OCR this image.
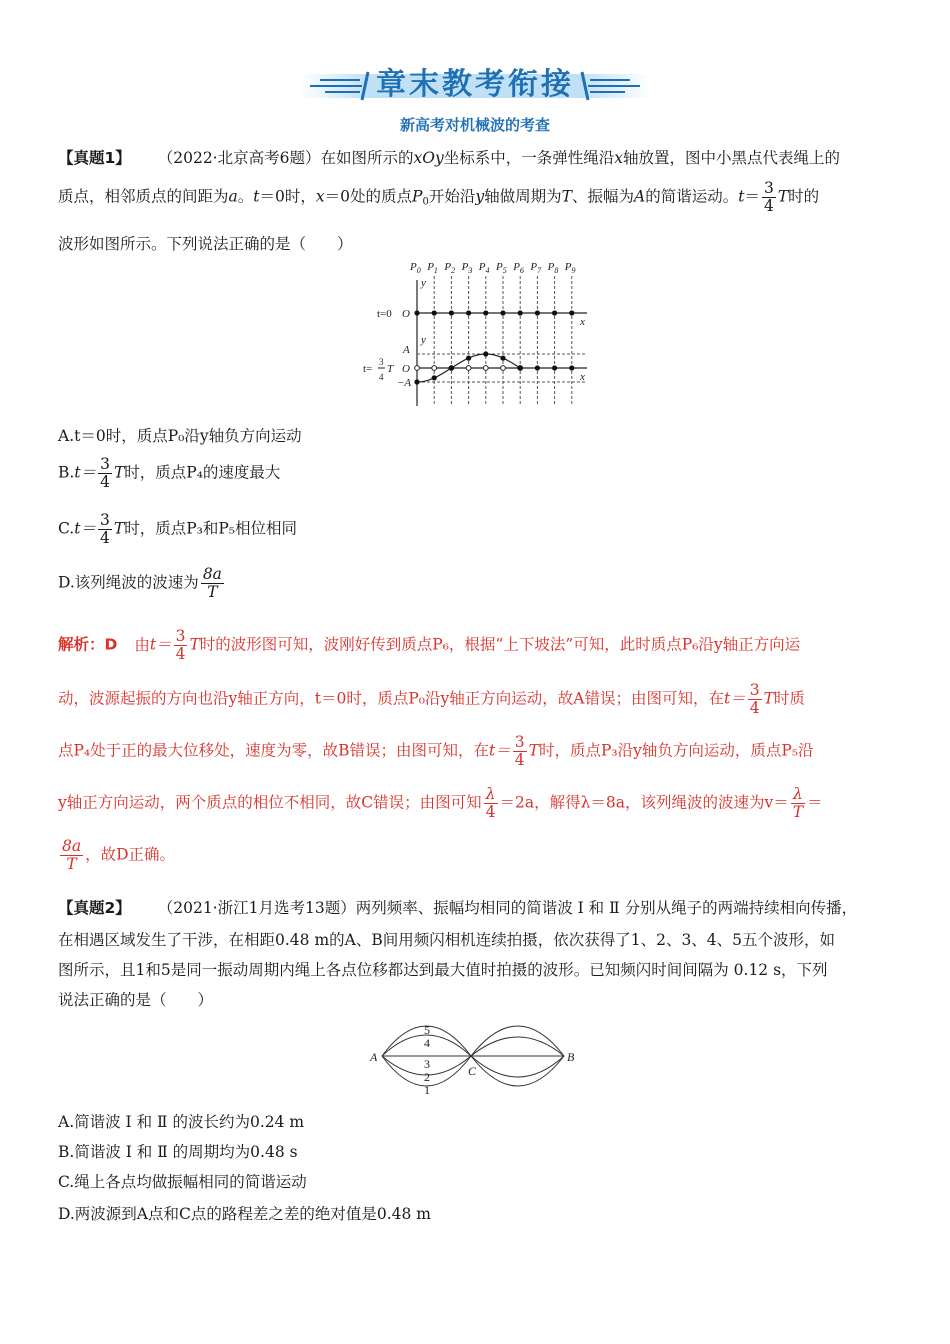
章末教考衔接
新高考对机械波的考查
【真题1】 （2022·北京高考6题）在如图所示的xOy坐标系中，一条弹性绳沿x轴放置，图中小黑点代表绳上的
质点，相邻质点的间距为a。t＝0时，x＝0处的质点$P_0$开始沿y轴做周期为T、振幅为A的简谐运动。$t= \frac{3}{4}$ T时的
波形如图所示。下列说法正确的是（　　）
$P_0$ $P_1$ $P_2$ $P_3$ $P_4$ $P_5$ $P_6$ $P_7$ $P_8$ $P_9$
y
y
x
x
t=0 O
O
A
−A
t=
3
4
T
A.t＝0时，质点P₀沿y轴负方向运动
$B.t= \frac{3}{4}$ T时，质点P₄的速度最大
$C.t= \frac{3}{4}$ T时，质点P₃和P₅相位相同
D.该列绳波的波速为 $\frac{8a}{T}$
解析：D 由$t= \frac{3}{4}$ T时的波形图可知，波刚好传到质点P₆，根据“上下坡法”可知，此时质点P₆沿y轴正方向运
动，波源起振的方向也沿y轴正方向，t＝0时，质点P₀沿y轴正方向运动，故A错误；由图可知，在$t= \frac{3}{4}$ T时质
点P₄处于正的最大位移处，速度为零，故B错误；由图可知，在$t= \frac{3}{4}$ T时，质点P₃沿y轴负方向运动，质点P₅沿
y轴正方向运动，两个质点的相位不相同，故C错误；由图可知 $\frac{\lambda}{4} =2a$，解得λ＝8a，该列绳波的波速为$v= \frac{\lambda}{T}$ ＝
$\frac{8a}{T}$ ，故D正确。
【真题2】 （2021·浙江1月选考13题）两列频率、振幅均相同的简谐波 Ⅰ 和 Ⅱ 分别从绳子的两端持续相向传播，
在相遇区域发生了干涉，在相距0.48 m的A、B间用频闪相机连续拍摄，依次获得了1、2、3、4、5五个波形，如
图所示，且1和5是同一振动周期内绳上各点位移都达到最大值时拍摄的波形。已知频闪时间间隔为 0.12 s，下列
说法正确的是（　　）
A	B
C
5
4
3
2
1
A.简谐波 Ⅰ 和 Ⅱ 的波长约为0.24 m
B.简谐波 Ⅰ 和 Ⅱ 的周期均为0.48 s
C.绳上各点均做振幅相同的简谐运动
D.两波源到A点和C点的路程差之差的绝对值是0.48 m
